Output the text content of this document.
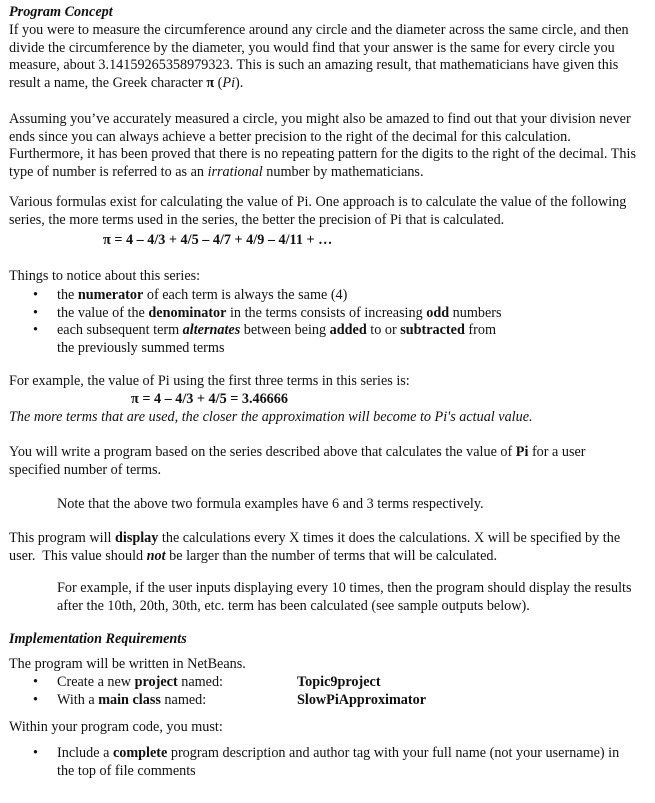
Program Concept
If you were to measure the circumference around any circle and the diameter across the same circle, and then divide the circumference by the diameter, you would find that your answer is the same for every circle you measure, about 3.14159265358979323. This is such an amazing result, that mathematicians have given this result a name, the Greek character π (Pi).
Assuming you’ve accurately measured a circle, you might also be amazed to find out that your division never ends since you can always achieve a better precision to the right of the decimal for this calculation. Furthermore, it has been proved that there is no repeating pattern for the digits to the right of the decimal. This type of number is referred to as an irrational number by mathematicians.
Various formulas exist for calculating the value of Pi. One approach is to calculate the value of the following series, the more terms used in the series, the better the precision of Pi that is calculated.
π = 4 – 4/3 + 4/5 – 4/7 + 4/9 – 4/11 + …
Things to notice about this series:
• the numerator of each term is always the same (4)
• the value of the denominator in the terms consists of increasing odd numbers
• each subsequent term alternates between being added to or subtracted from the previously summed terms
For example, the value of Pi using the first three terms in this series is:
π = 4 – 4/3 + 4/5 = 3.46666
The more terms that are used, the closer the approximation will become to Pi's actual value.
You will write a program based on the series described above that calculates the value of Pi for a user specified number of terms.
Note that the above two formula examples have 6 and 3 terms respectively.
This program will display the calculations every X times it does the calculations. X will be specified by the user.  This value should not be larger than the number of terms that will be calculated.
For example, if the user inputs displaying every 10 times, then the program should display the results after the 10th, 20th, 30th, etc. term has been calculated (see sample outputs below).
Implementation Requirements
The program will be written in NetBeans.
• Create a new project named:	Topic9project
• With a main class named:	SlowPiApproximator
Within your program code, you must:
• Include a complete program description and author tag with your full name (not your username) in the top of file comments
